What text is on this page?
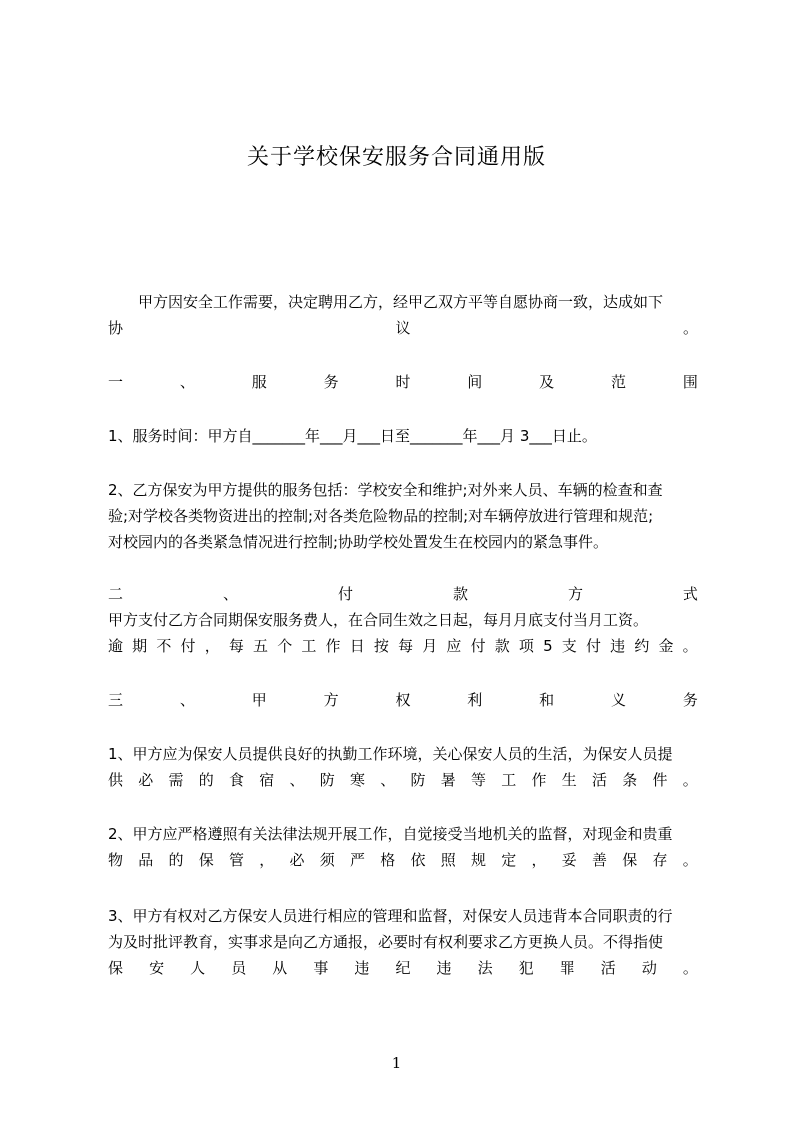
关于学校保安服务合同通用版
甲方因安全工作需要，决定聘用乙方，经甲乙双方平等自愿协商一致，达成如下
协	议	。
一	、	服	务	时	间	及	范	围
1、服务时间：甲方自_______年___月___日至_______年___月 3___日止。
2、乙方保安为甲方提供的服务包括：学校安全和维护;对外来人员、车辆的检查和查
验;对学校各类物资进出的控制;对各类危险物品的控制;对车辆停放进行管理和规范;
对校园内的各类紧急情况进行控制;协助学校处置发生在校园内的紧急事件。
二	、	付	款	方	式
甲方支付乙方合同期保安服务费人，在合同生效之日起，每月月底支付当月工资。
逾 期 不 付 ， 每 五 个 工 作 日 按 每 月 应 付 款 项 5 支 付 违 约 金 。
三	、	甲	方	权	利	和	义	务
1、甲方应为保安人员提供良好的执勤工作环境，关心保安人员的生活，为保安人员提
供 必 需 的 食 宿 、 防 寒 、 防 暑 等 工 作 生 活 条 件 。
2、甲方应严格遵照有关法律法规开展工作，自觉接受当地机关的监督，对现金和贵重
物 品 的 保 管 ， 必 须 严 格 依 照 规 定 ， 妥 善 保 存 。
3、甲方有权对乙方保安人员进行相应的管理和监督，对保安人员违背本合同职责的行
为及时批评教育，实事求是向乙方通报，必要时有权利要求乙方更换人员。不得指使
保 安 人 员 从 事 违 纪 违 法 犯 罪 活 动 。
1
